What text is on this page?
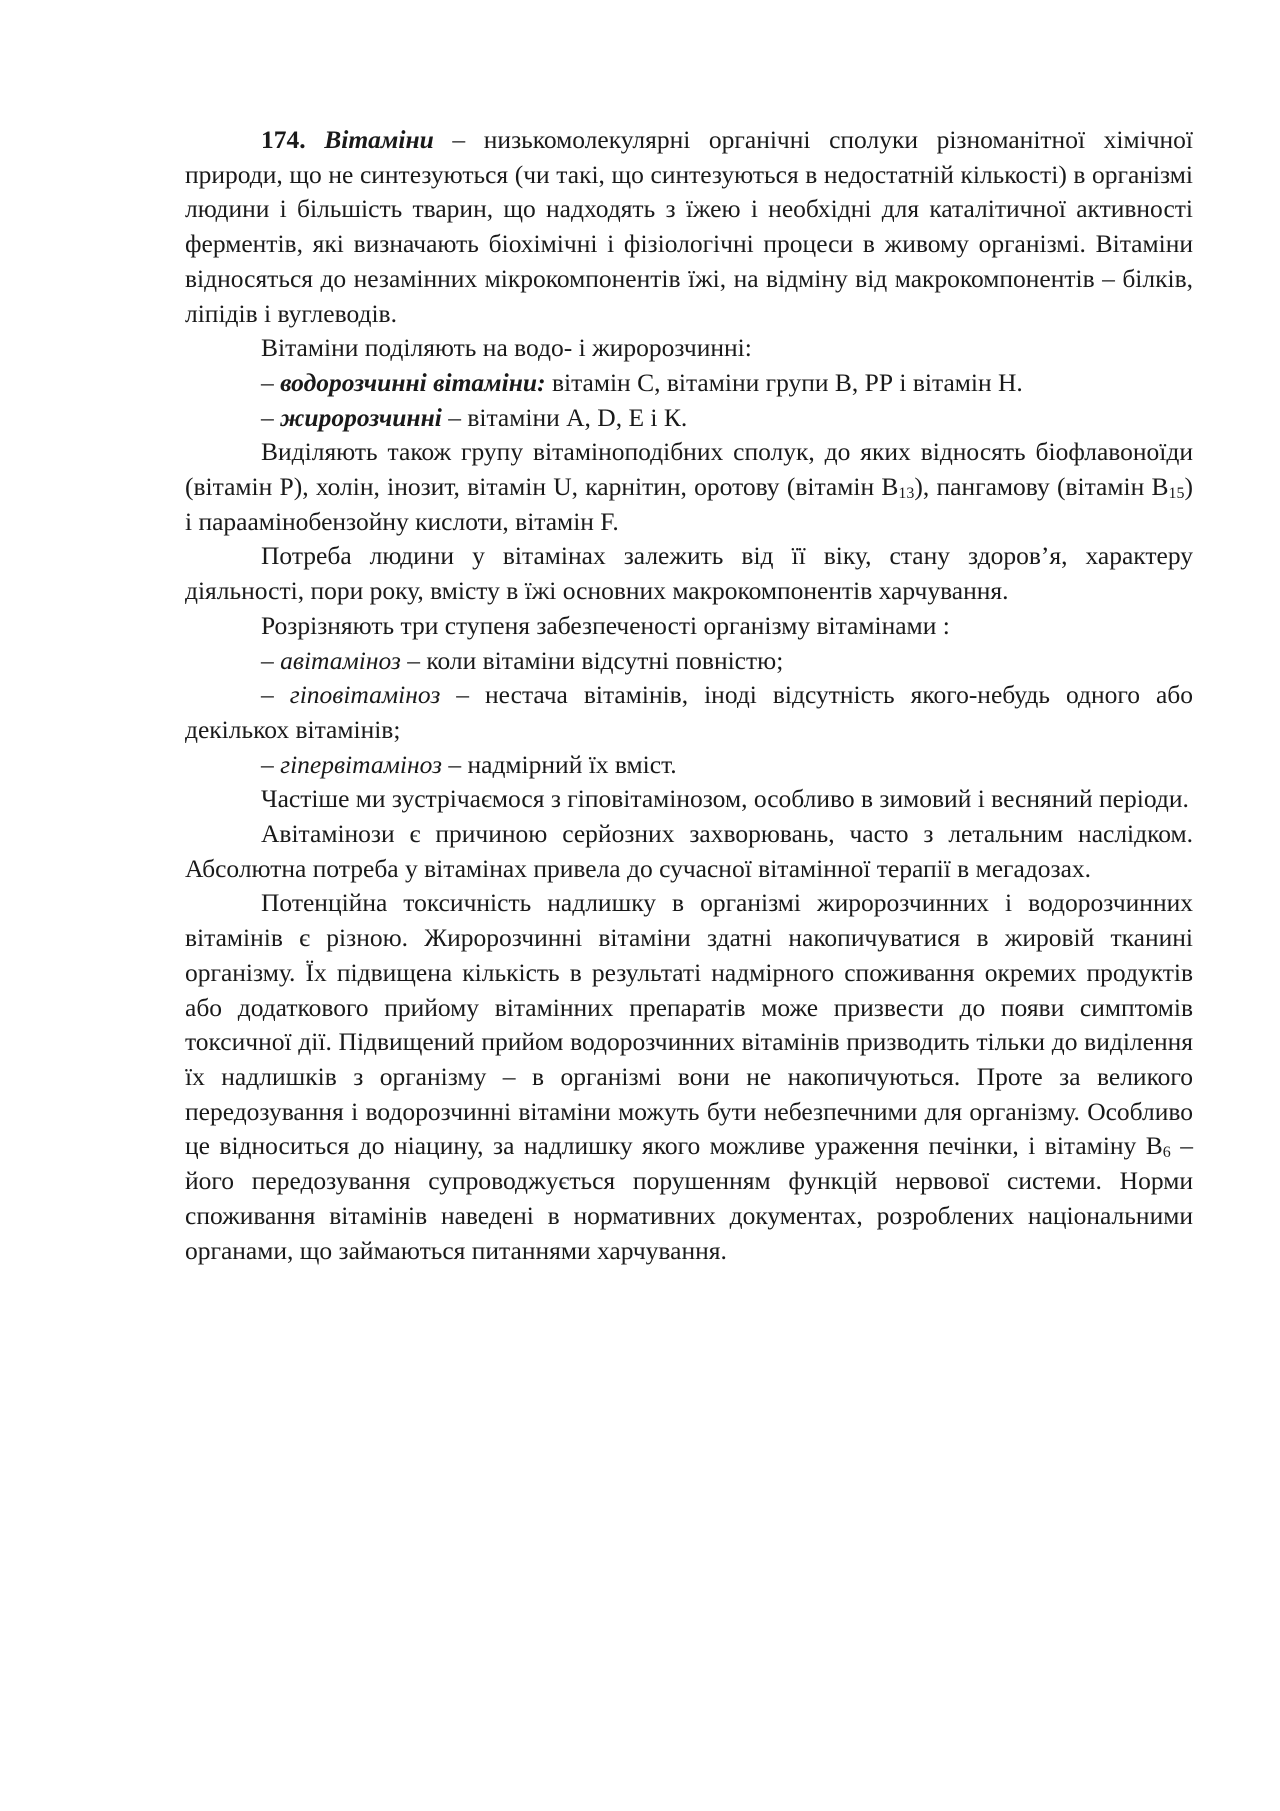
174. Вітаміни – низькомолекулярні органічні сполуки різноманітної хімічної природи, що не синтезуються (чи такі, що синтезуються в недостатній кількості) в організмі людини і більшість тварин, що надходять з їжею і необхідні для каталітичної активності ферментів, які визначають біохімічні і фізіологічні процеси в живому організмі. Вітаміни відносяться до незамінних мікрокомпонентів їжі, на відміну від макрокомпонентів – білків, ліпідів і вуглеводів.

Вітаміни поділяють на водо- і жиророзчинні:

– водорозчинні вітаміни: вітамін С, вітаміни групи В, РР і вітамін Н.

– жиророзчинні – вітаміни А, D, Е і К.

Виділяють також групу вітаміноподібних сполук, до яких відносять біофлавоноїди (вітамін Р), холін, інозит, вітамін U, карнітин, оротову (вітамін $В_{13}$), пангамову (вітамін $В_{15}$) і параамінобензойну кислоти, вітамін F.

Потреба людини у вітамінах залежить від її віку, стану здоров’я, характеру діяльності, пори року, вмісту в їжі основних макрокомпонентів харчування.

Розрізняють три ступеня забезпеченості організму вітамінами :

– авітаміноз – коли вітаміни відсутні повністю;

– гіповітаміноз – нестача вітамінів, іноді відсутність якого-небудь одного або декількох вітамінів;

– гіпервітаміноз – надмірний їх вміст.

Частіше ми зустрічаємося з гіповітамінозом, особливо в зимовий і весняний періоди.

Авітамінози є причиною серйозних захворювань, часто з летальним наслідком. Абсолютна потреба у вітамінах привела до сучасної вітамінної терапії в мегадозах.

Потенційна токсичність надлишку в організмі жиророзчинних і водорозчинних вітамінів є різною. Жиророзчинні вітаміни здатні накопичуватися в жировій тканині організму. Їх підвищена кількість в результаті надмірного споживання окремих продуктів або додаткового прийому вітамінних препаратів може призвести до появи симптомів токсичної дії. Підвищений прийом водорозчинних вітамінів призводить тільки до виділення їх надлишків з організму – в організмі вони не накопичуються. Проте за великого передозування і водорозчинні вітаміни можуть бути небезпечними для організму. Особливо це відноситься до ніацину, за надлишку якого можливе ураження печінки, і вітаміну $В_6$ – його передозування супроводжується порушенням функцій нервової системи. Норми споживання вітамінів наведені в нормативних документах, розроблених національними органами, що займаються питаннями харчування.
